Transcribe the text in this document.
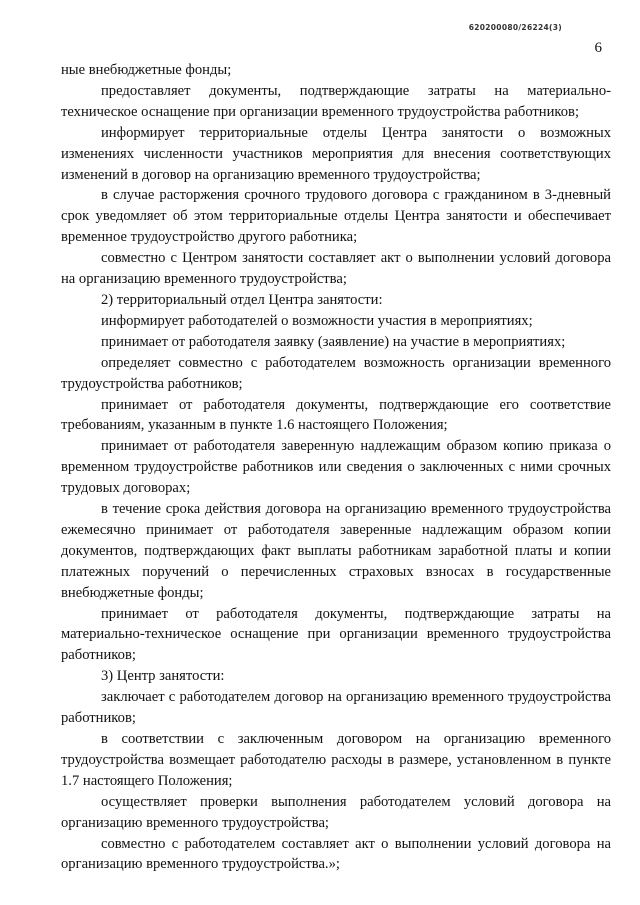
620200080/26224(3)
6

ные внебюджетные фонды;

предоставляет документы, подтверждающие затраты на материально-техническое оснащение при организации временного трудоустройства работников;

информирует территориальные отделы Центра занятости о возможных изменениях численности участников мероприятия для внесения соответствующих изменений в договор на организацию временного трудоустройства;

в случае расторжения срочного трудового договора с гражданином в 3-дневный срок уведомляет об этом территориальные отделы Центра занятости и обеспечивает временное трудоустройство другого работника;

совместно с Центром занятости составляет акт о выполнении условий договора на организацию временного трудоустройства;

2) территориальный отдел Центра занятости:

информирует работодателей о возможности участия в мероприятиях;

принимает от работодателя заявку (заявление) на участие в мероприятиях;

определяет совместно с работодателем возможность организации временного трудоустройства работников;

принимает от работодателя документы, подтверждающие его соответствие требованиям, указанным в пункте 1.6 настоящего Положения;

принимает от работодателя заверенную надлежащим образом копию приказа о временном трудоустройстве работников или сведения о заключенных с ними срочных трудовых договорах;

в течение срока действия договора на организацию временного трудоустройства ежемесячно принимает от работодателя заверенные надлежащим образом копии документов, подтверждающих факт выплаты работникам заработной платы и копии платежных поручений о перечисленных страховых взносах в государственные внебюджетные фонды;

принимает от работодателя документы, подтверждающие затраты на материально-техническое оснащение при организации временного трудоустройства работников;

3) Центр занятости:

заключает с работодателем договор на организацию временного трудоустройства работников;

в соответствии с заключенным договором на организацию временного трудоустройства возмещает работодателю расходы в размере, установленном в пункте 1.7 настоящего Положения;

осуществляет проверки выполнения работодателем условий договора на организацию временного трудоустройства;

совместно с работодателем составляет акт о выполнении условий договора на организацию временного трудоустройства.»;
